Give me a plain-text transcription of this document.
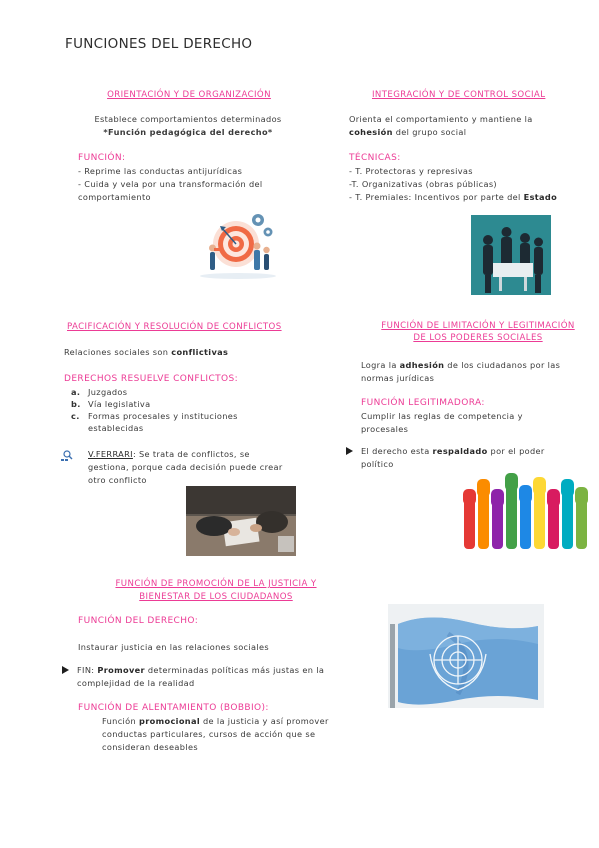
FUNCIONES DEL DERECHO
ORIENTACIÓN Y DE ORGANIZACIÓN
Establece comportamientos determinados
*Función pedagógica del derecho*
FUNCIÓN:
- Reprime las conductas antijurídicas
- Cuida y vela por una transformación del
comportamiento
INTEGRACIÓN Y DE CONTROL SOCIAL
Orienta el comportamiento y mantiene la
cohesión del grupo social
TÉCNICAS:
- T. Protectoras y represivas
-T. Organizativas (obras públicas)
- T. Premiales: Incentivos por parte del Estado
PACIFICACIÓN Y RESOLUCIÓN DE CONFLICTOS
Relaciones sociales son conflictivas
DERECHOS RESUELVE CONFLICTOS:
a. Juzgados
b. Vía legislativa
c. Formas procesales y instituciones
establecidas
V.FERRARI: Se trata de conflictos, se
gestiona, porque cada decisión puede crear
otro conflicto
FUNCIÓN DE LIMITACIÓN Y LEGITIMACIÓN
DE LOS PODERES SOCIALES
Logra la adhesión de los ciudadanos por las
normas jurídicas
FUNCIÓN LEGITIMADORA:
Cumplir las reglas de competencia y
procesales
El derecho esta respaldado por el poder
político
FUNCIÓN DE PROMOCIÓN DE LA JUSTICIA Y
BIENESTAR DE LOS CIUDADANOS
FUNCIÓN DEL DERECHO:
Instaurar justicia en las relaciones sociales
FIN: Promover determinadas políticas más justas en la
complejidad de la realidad
FUNCIÓN DE ALENTAMIENTO (BOBBIO):
Función promocional de la justicia y así promover
conductas particulares, cursos de acción que se
consideran deseables
